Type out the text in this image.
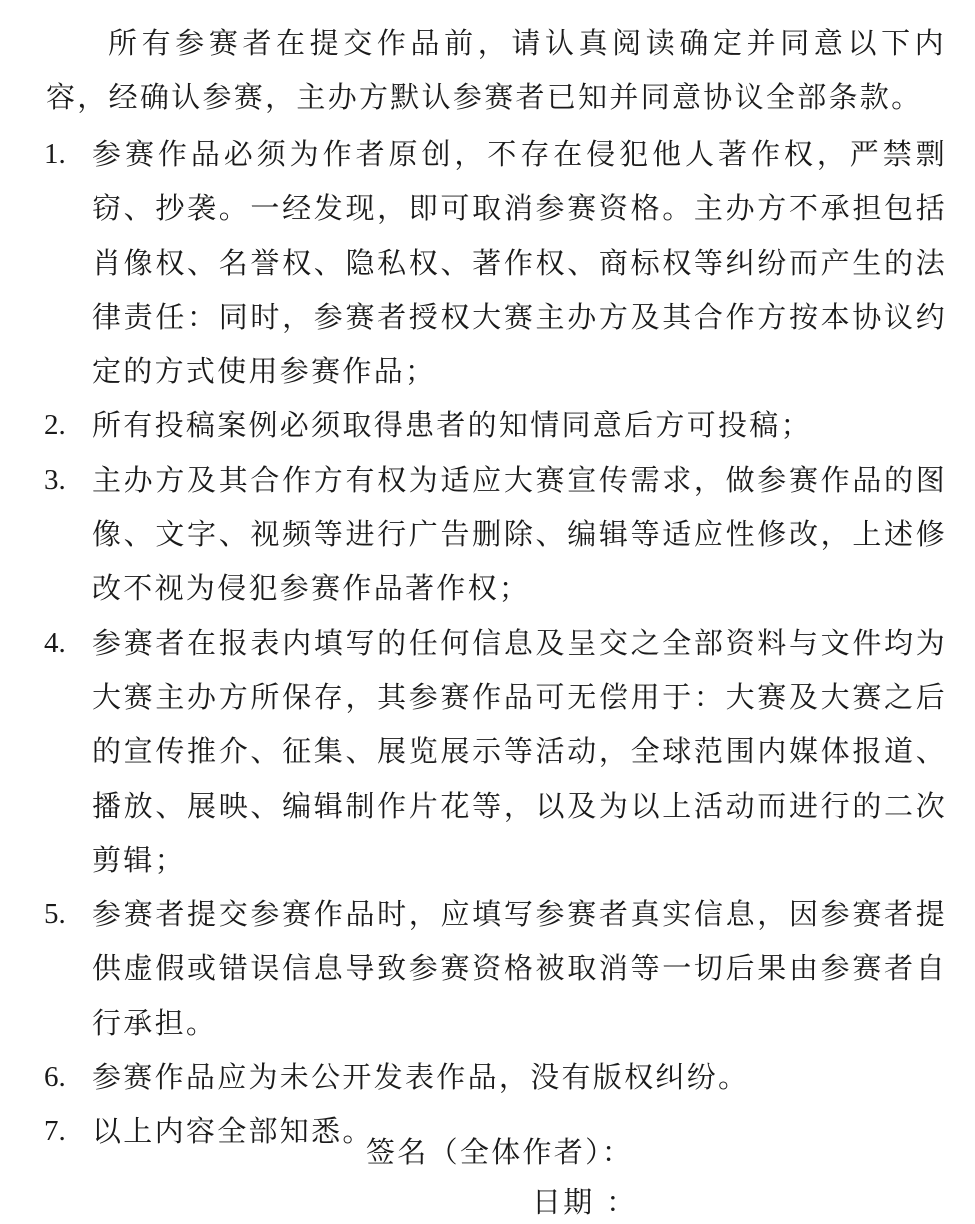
所有参赛者在提交作品前，请认真阅读确定并同意以下内容，经确认参赛，主办方默认参赛者已知并同意协议全部条款。

1. 参赛作品必须为作者原创，不存在侵犯他人著作权，严禁剽窃、抄袭。一经发现，即可取消参赛资格。主办方不承担包括肖像权、名誉权、隐私权、著作权、商标权等纠纷而产生的法律责任：同时，参赛者授权大赛主办方及其合作方按本协议约定的方式使用参赛作品；
2. 所有投稿案例必须取得患者的知情同意后方可投稿；
3. 主办方及其合作方有权为适应大赛宣传需求，做参赛作品的图像、文字、视频等进行广告删除、编辑等适应性修改，上述修改不视为侵犯参赛作品著作权；
4. 参赛者在报表内填写的任何信息及呈交之全部资料与文件均为大赛主办方所保存，其参赛作品可无偿用于：大赛及大赛之后的宣传推介、征集、展览展示等活动，全球范围内媒体报道、播放、展映、编辑制作片花等，以及为以上活动而进行的二次剪辑；
5. 参赛者提交参赛作品时，应填写参赛者真实信息，因参赛者提供虚假或错误信息导致参赛资格被取消等一切后果由参赛者自行承担。
6. 参赛作品应为未公开发表作品，没有版权纠纷。
7. 以上内容全部知悉。
签名（全体作者）：
日期 ：
